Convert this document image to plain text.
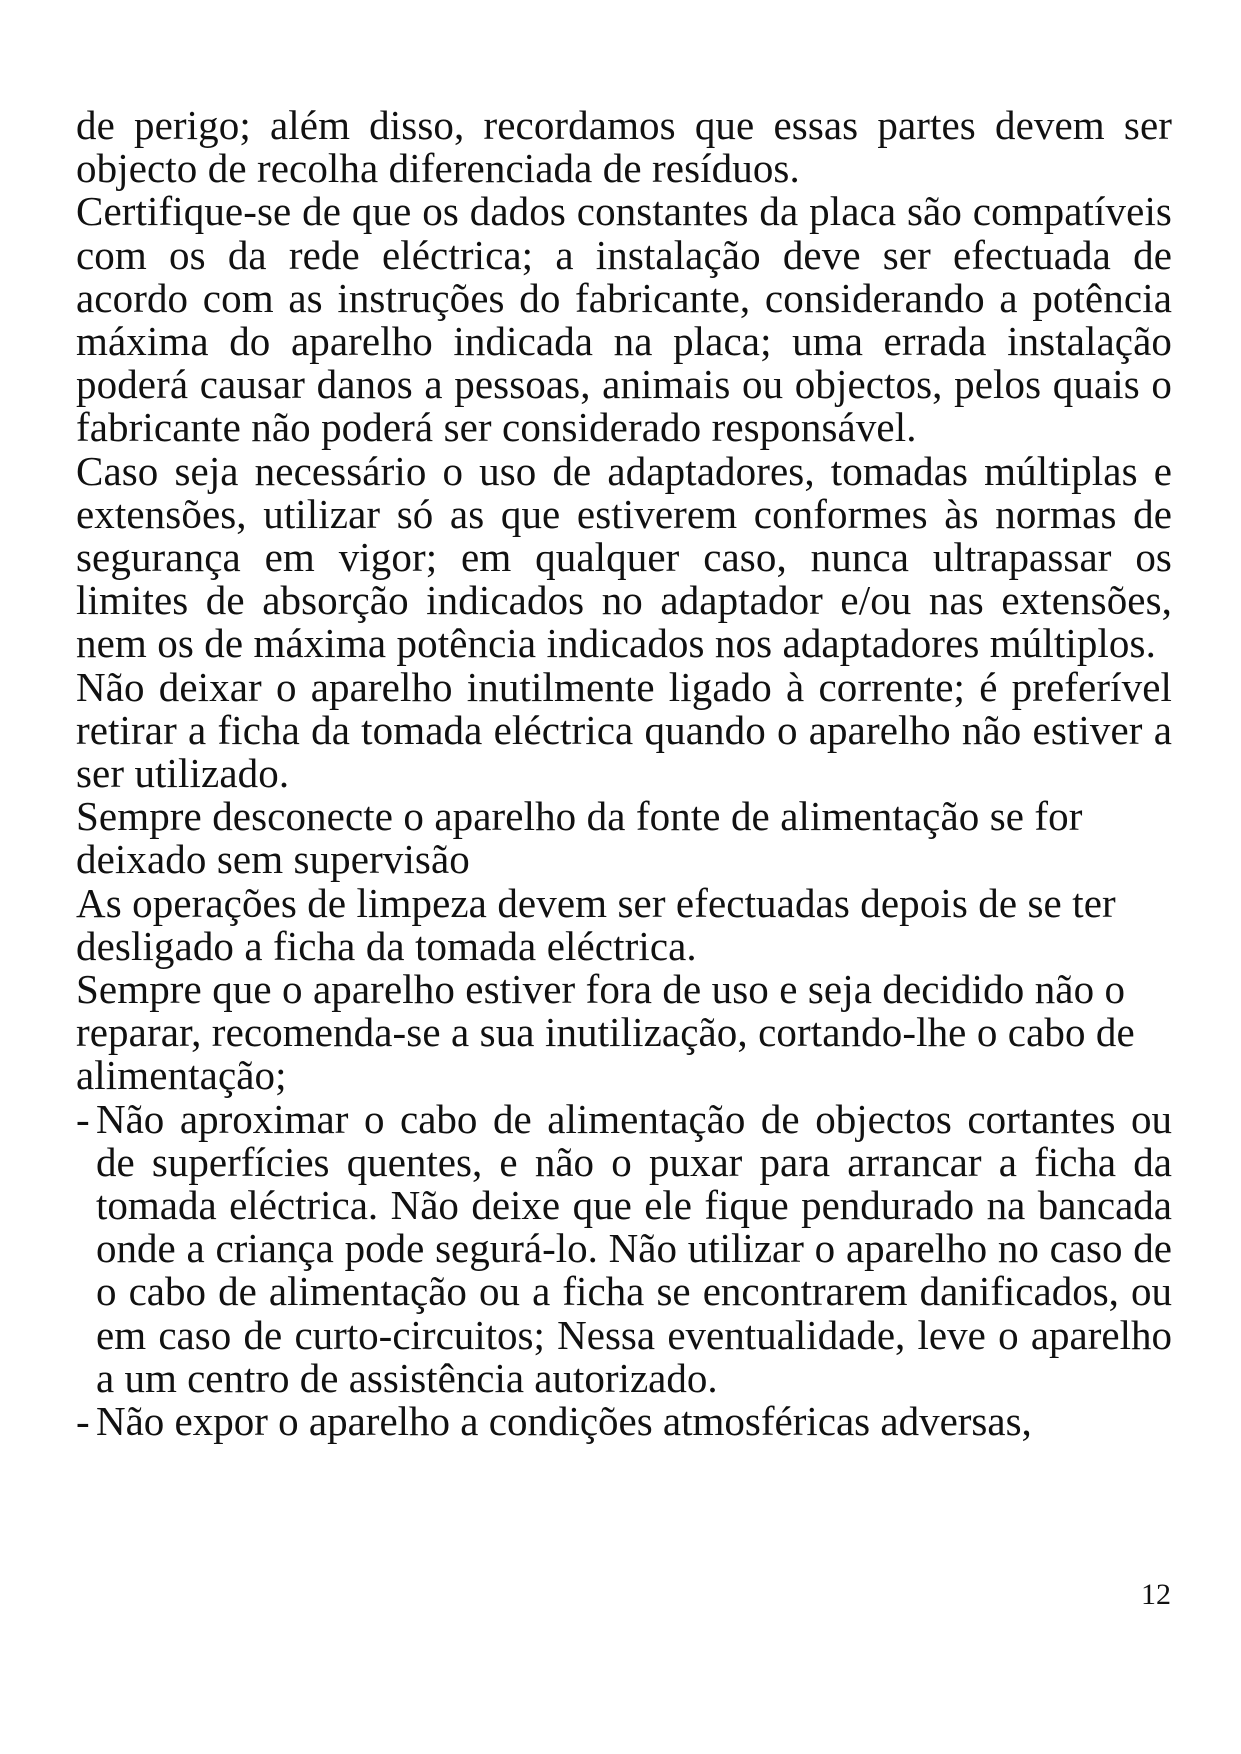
de perigo; além disso, recordamos que essas partes devem ser objecto de recolha diferenciada de resíduos.

Certifique-se de que os dados constantes da placa são compatíveis com os da rede eléctrica; a instalação deve ser efectuada de acordo com as instruções do fabricante, considerando a potência máxima do aparelho indicada na placa; uma errada instalação poderá causar danos a pessoas, animais ou objectos, pelos quais o fabricante não poderá ser considerado responsável.

Caso seja necessário o uso de adaptadores, tomadas múltiplas e extensões, utilizar só as que estiverem conformes às normas de segurança em vigor; em qualquer caso, nunca ultrapassar os limites de absorção indicados no adaptador e/ou nas extensões, nem os de máxima potência indicados nos adaptadores múltiplos.

Não deixar o aparelho inutilmente ligado à corrente; é preferível retirar a ficha da tomada eléctrica quando o aparelho não estiver a ser utilizado.

Sempre desconecte o aparelho da fonte de alimentação se for deixado sem supervisão

As operações de limpeza devem ser efectuadas depois de se ter desligado a ficha da tomada eléctrica.

Sempre que o aparelho estiver fora de uso e seja decidido não o reparar, recomenda-se a sua inutilização, cortando-lhe o cabo de alimentação;

- Não aproximar o cabo de alimentação de objectos cortantes ou de superfícies quentes, e não o puxar para arrancar a ficha da tomada eléctrica. Não deixe que ele fique pendurado na bancada onde a criança pode segurá-lo. Não utilizar o aparelho no caso de o cabo de alimentação ou a ficha se encontrarem danificados, ou em caso de curto-circuitos; Nessa eventualidade, leve o aparelho a um centro de assistência autorizado.
- Não expor o aparelho a condições atmosféricas adversas,
12
